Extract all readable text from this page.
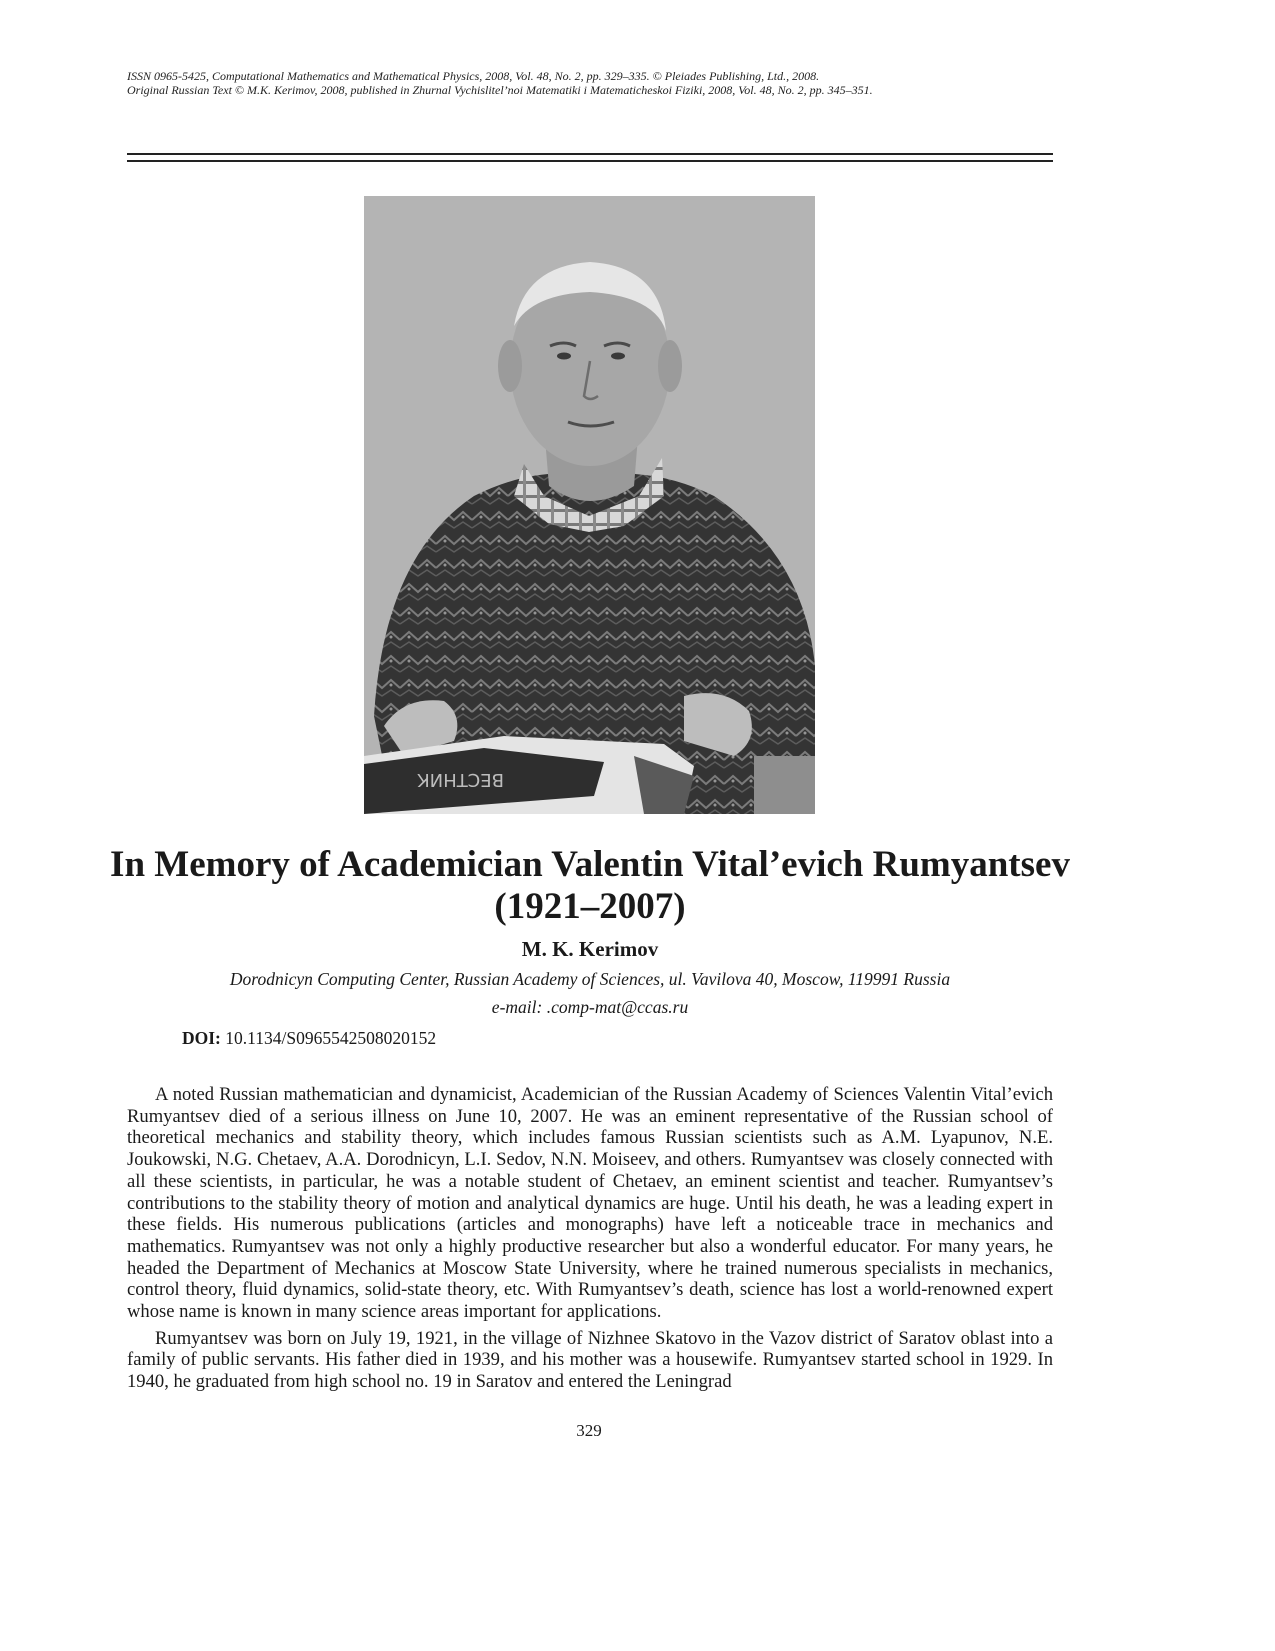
ISSN 0965-5425, Computational Mathematics and Mathematical Physics, 2008, Vol. 48, No. 2, pp. 329–335. © Pleiades Publishing, Ltd., 2008.
Original Russian Text © M.K. Kerimov, 2008, published in Zhurnal Vychislitel’noi Matematiki i Matematicheskoi Fiziki, 2008, Vol. 48, No. 2, pp. 345–351.
ВЕСТНИК
In Memory of Academician Valentin Vital’evich Rumyantsev
(1921–2007)
M. K. Kerimov
Dorodnicyn Computing Center, Russian Academy of Sciences, ul. Vavilova 40, Moscow, 119991 Russia
e-mail: .comp-mat@ccas.ru
DOI: 10.1134/S0965542508020152

A noted Russian mathematician and dynamicist, Academician of the Russian Academy of Sciences Valentin Vital’evich Rumyantsev died of a serious illness on June 10, 2007. He was an eminent representative of the Russian school of theoretical mechanics and stability theory, which includes famous Russian scientists such as A.M. Lyapunov, N.E. Joukowski, N.G. Chetaev, A.A. Dorodnicyn, L.I. Sedov, N.N. Moiseev, and others. Rumyantsev was closely connected with all these scientists, in particular, he was a notable student of Chetaev, an eminent scientist and teacher. Rumyantsev’s contributions to the stability theory of motion and analytical dynamics are huge. Until his death, he was a leading expert in these fields. His numerous publications (articles and monographs) have left a noticeable trace in mechanics and mathematics. Rumyantsev was not only a highly productive researcher but also a wonderful educator. For many years, he headed the Department of Mechanics at Moscow State University, where he trained numerous specialists in mechanics, control theory, fluid dynamics, solid-state theory, etc. With Rumyantsev’s death, science has lost a world-renowned expert whose name is known in many science areas important for applications.

Rumyantsev was born on July 19, 1921, in the village of Nizhnee Skatovo in the Vazov district of Saratov oblast into a family of public servants. His father died in 1939, and his mother was a housewife. Rumyantsev started school in 1929. In 1940, he graduated from high school no. 19 in Saratov and entered the Leningrad

329
